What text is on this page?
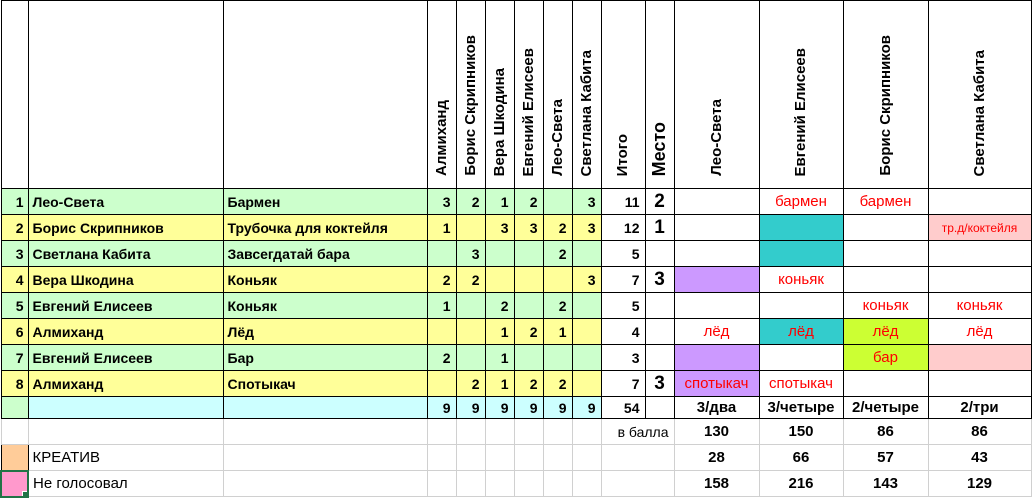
			Алмиханд	Борис Скрипников	Вера Шкодина	Евгений Елисеев	Лео-Света	Светлана Кабита	Итого	Место	Лео-Света	Евгений Елисеев	Борис Скрипников	Светлана Кабита
1	Лео-Света	Бармен	3	2	1	2		3	11	2		бармен	бармен	
2	Борис Скрипников	Трубочка для коктейля	1		3	3	2	3	12	1				тр.д/коктейля
3	Светлана Кабита	Завсегдатай бара		3			2		5					
4	Вера Шкодина	Коньяк	2	2				3	7	3		коньяк		
5	Евгений Елисеев	Коньяк	1		2		2		5				коньяк	коньяк
6	Алмиханд	Лёд			1	2	1		4		лёд	лёд	лёд	лёд
7	Евгений Елисеев	Бар	2		1				3				бар	
8	Алмиханд	Спотыкач		2	1	2	2		7	3	спотыкач	спотыкач		
			9	9	9	9	9	9	54		3/два	3/четыре	2/четыре	2/три
									в балла		130	150	86	86
	КРЕАТИВ										28	66	57	43

	Не голосовал										158	216	143	129
